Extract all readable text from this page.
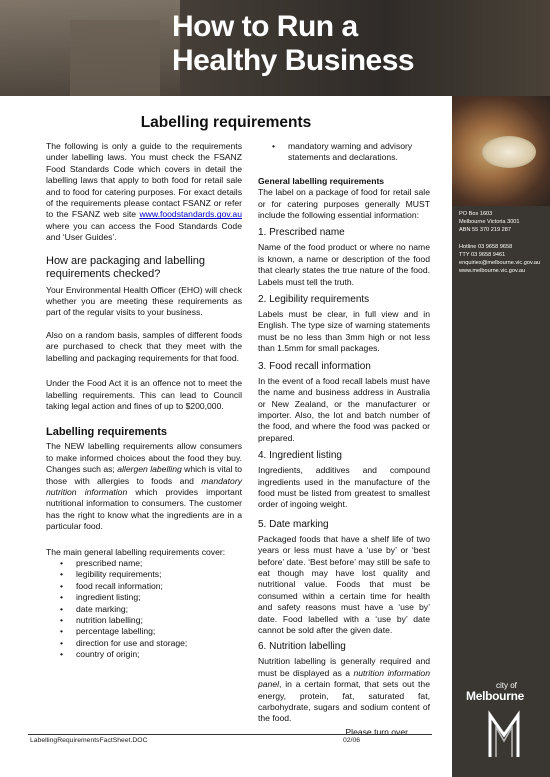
How to Run a
Healthy Business
PO Box 1603
Melbourne Victoria 3001
ABN 55 370 219 287
Hotline 03 9658 9658
TTY 03 9658 9461
enquiries@melbourne.vic.gov.au
www.melbourne.vic.gov.au
city of
Melbourne
Labelling requirements
The following is only a guide to the requirements under labelling laws. You must check the FSANZ Food Standards Code which covers in detail the labelling laws that apply to both food for retail sale and to food for catering purposes. For exact details of the requirements please contact FSANZ or refer to the FSANZ web site www.foodstandards.gov.au where you can access the Food Standards Code and ‘User Guides’.
How are packaging and labelling requirements checked?
Your Environmental Health Officer (EHO) will check whether you are meeting these requirements as part of the regular visits to your business.
Also on a random basis, samples of different foods are purchased to check that they meet with the labelling and packaging requirements for that food.
Under the Food Act it is an offence not to meet the labelling requirements. This can lead to Council taking legal action and fines of up to $200,000.
Labelling requirements
The NEW labelling requirements allow consumers to make informed choices about the food they buy. Changes such as; allergen labelling which is vital to those with allergies to foods and mandatory nutrition information which provides important nutritional information to consumers. The customer has the right to know what the ingredients are in a particular food.
The main general labelling requirements cover:
• prescribed name;
• legibility requirements;
• food recall information;
• ingredient listing;
• date marking;
• nutrition labelling;
• percentage labelling;
• direction for use and storage;
• country of origin;
• mandatory warning and advisory statements and declarations.
General labelling requirements
The label on a package of food for retail sale or for catering purposes generally MUST include the following essential information:
1. Prescribed name
Name of the food product or where no name is known, a name or description of the food that clearly states the true nature of the food. Labels must tell the truth.
2. Legibility requirements
Labels must be clear, in full view and in English. The type size of warning statements must be no less than 3mm high or not less than 1.5mm for small packages.
3. Food recall information
In the event of a food recall labels must have the name and business address in Australia or New Zealand, or the manufacturer or importer. Also, the lot and batch number of the food, and where the food was packed or prepared.
4. Ingredient listing
Ingredients, additives and compound ingredients used in the manufacture of the food must be listed from greatest to smallest order of ingoing weight.
5. Date marking
Packaged foods that have a shelf life of two years or less must have a ‘use by’ or ‘best before’ date. ‘Best before’ may still be safe to eat though may have lost quality and nutritional value. Foods that must be consumed within a certain time for health and safety reasons must have a ‘use by’ date. Food labelled with a ‘use by’ date cannot be sold after the given date.
6. Nutrition labelling
Nutrition labelling is generally required and must be displayed as a nutrition information panel, in a certain format, that sets out the energy, protein, fat, saturated fat, carbohydrate, sugars and sodium content of the food.
Please turn over
LabellingRequirementsFactSheet.DOC	02/06
